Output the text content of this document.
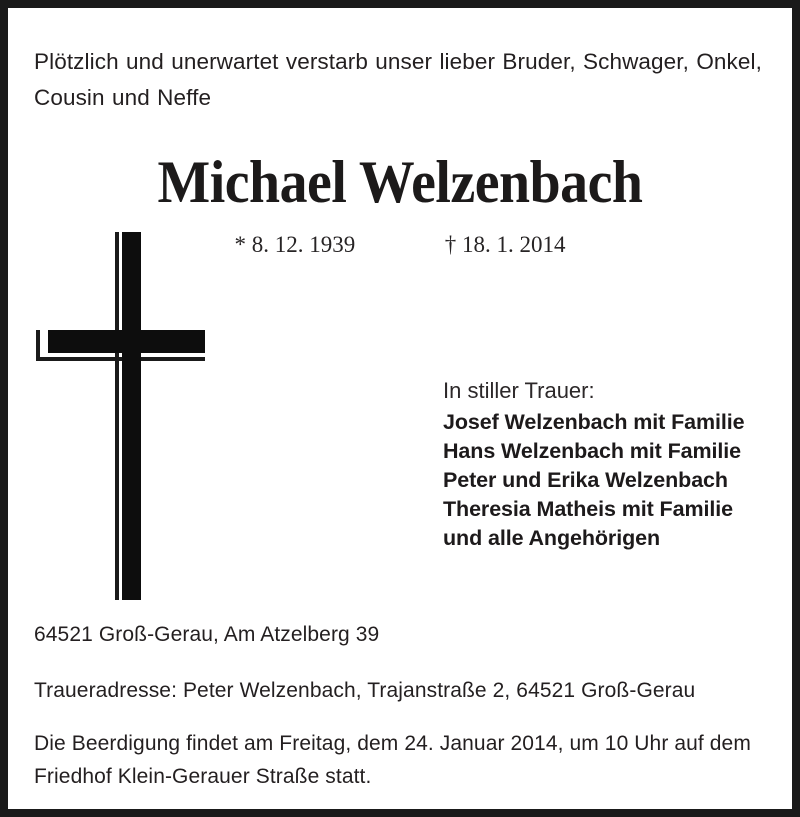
Plötzlich und unerwartet verstarb unser lieber Bruder, Schwager, Onkel,
Cousin und Neffe
Michael Welzenbach
* 8. 12. 1939	† 18. 1. 2014
In stiller Trauer:
Josef Welzenbach mit Familie
Hans Welzenbach mit Familie
Peter und Erika Welzenbach
Theresia Matheis mit Familie
und alle Angehörigen
64521 Groß-Gerau, Am Atzelberg 39
Traueradresse: Peter Welzenbach, Trajanstraße 2, 64521 Groß-Gerau
Die Beerdigung findet am Freitag, dem 24. Januar 2014, um 10 Uhr auf dem
Friedhof Klein-Gerauer Straße statt.
